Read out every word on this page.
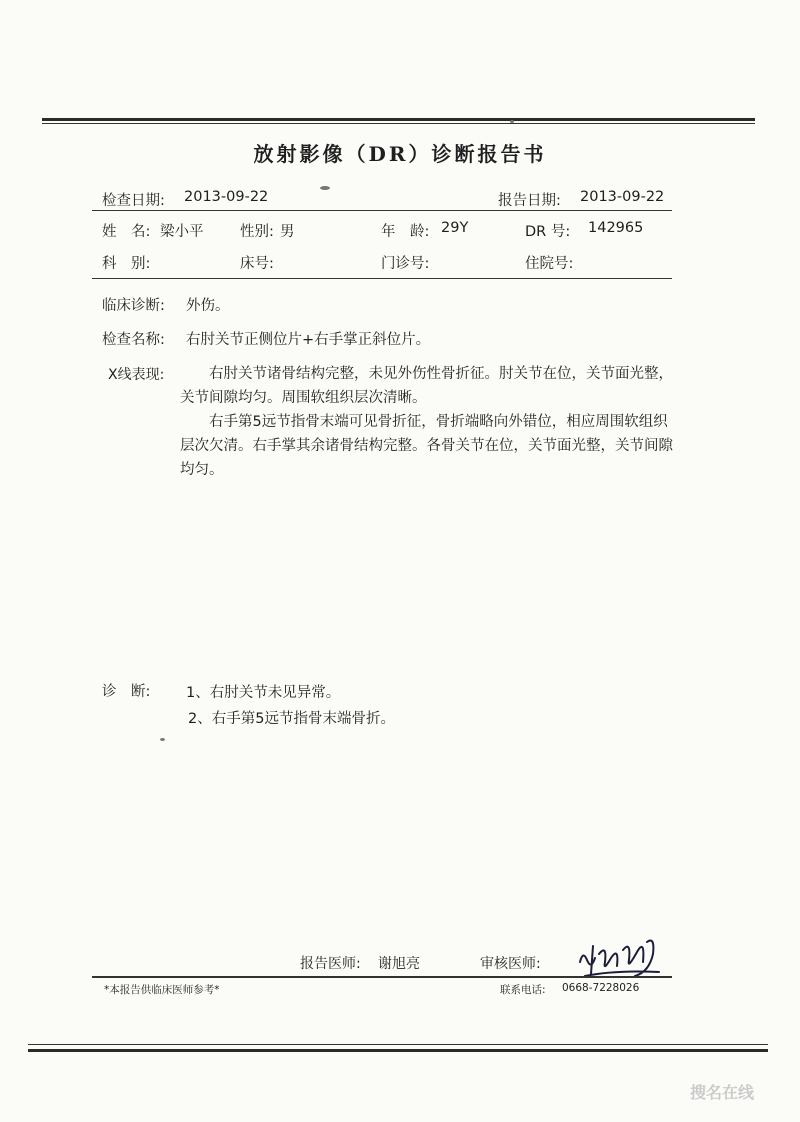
放射影像（DR）诊断报告书
检查日期: 2013-09-22	报告日期: 2013-09-22
姓　名: 梁小平	性别: 男	年　龄: 29Y	DR 号: 142965
科　别:	床号:	门诊号:	住院号:
临床诊断: 外伤。
检查名称: 右肘关节正侧位片+右手掌正斜位片。
X线表现:	右肘关节诸骨结构完整，未见外伤性骨折征。肘关节在位，关节面光整，关节间隙均匀。周围软组织层次清晰。

右手第5远节指骨末端可见骨折征，骨折端略向外错位，相应周围软组织层次欠清。右手掌其余诸骨结构完整。各骨关节在位，关节面光整，关节间隙均匀。

诊　断: 1、右肘关节未见异常。
2、右手第5远节指骨末端骨折。
报告医师: 谢旭亮	审核医师:
*本报告供临床医师参考*	联系电话: 0668-7228026
搜名在线
